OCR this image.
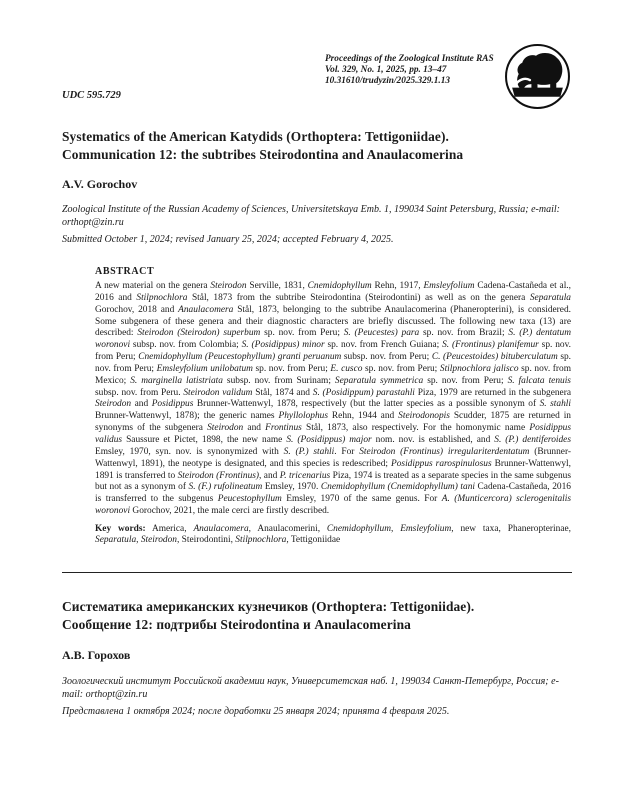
Proceedings of the Zoological Institute RAS
Vol. 329, No. 1, 2025, pp. 13–47
10.31610/trudyzin/2025.329.1.13
UDC 595.729
Systematics of the American Katydids (Orthoptera: Tettigoniidae).
Communication 12: the subtribes Steirodontina and Anaulacomerina
A.V. Gorochov
Zoological Institute of the Russian Academy of Sciences, Universitetskaya Emb. 1, 199034 Saint Petersburg, Russia; e-mail: orthopt@zin.ru
Submitted October 1, 2024; revised January 25, 2024; accepted February 4, 2025.
ABSTRACT
A new material on the genera Steirodon Serville, 1831, Cnemidophyllum Rehn, 1917, Emsleyfolium Cadena-Castañeda et al., 2016 and Stilpnochlora Stål, 1873 from the subtribe Steirodontina (Steirodontini) as well as on the genera Separatula Gorochov, 2018 and Anaulacomera Stål, 1873, belonging to the subtribe Anaulacomerina (Phaneropterini), is considered. Some subgenera of these genera and their diagnostic characters are briefly discussed. The following new taxa (13) are described: Steirodon (Steirodon) superbum sp. nov. from Peru; S. (Peucestes) para sp. nov. from Brazil; S. (P.) dentatum woronovi subsp. nov. from Colombia; S. (Posidippus) minor sp. nov. from French Guiana; S. (Frontinus) planifemur sp. nov. from Peru; Cnemidophyllum (Peucestophyllum) granti peruanum subsp. nov. from Peru; C. (Peucestoides) bituberculatum sp. nov. from Peru; Emsleyfolium unilobatum sp. nov. from Peru; E. cusco sp. nov. from Peru; Stilpnochlora jalisco sp. nov. from Mexico; S. marginella latistriata subsp. nov. from Surinam; Separatula symmetrica sp. nov. from Peru; S. falcata tenuis subsp. nov. from Peru. Steirodon validum Stål, 1874 and S. (Posidippum) parastahli Piza, 1979 are returned in the subgenera Steirodon and Posidippus Brunner-Wattenwyl, 1878, respectively (but the latter species as a possible synonym of S. stahli Brunner-Wattenwyl, 1878); the generic names Phyllolophus Rehn, 1944 and Steirodonopis Scudder, 1875 are returned in synonyms of the subgenera Steirodon and Frontinus Stål, 1873, also respectively. For the homonymic name Posidippus validus Saussure et Pictet, 1898, the new name S. (Posidippus) major nom. nov. is established, and S. (P.) dentiferoides Emsley, 1970, syn. nov. is synonymized with S. (P.) stahli. For Steirodon (Frontinus) irregulariterdentatum (Brunner-Wattenwyl, 1891), the neotype is designated, and this species is redescribed; Posidippus rarospinulosus Brunner-Wattenwyl, 1891 is transferred to Steirodon (Frontinus), and P. tricenarius Piza, 1974 is treated as a separate species in the same subgenus but not as a synonym of S. (F.) rufolineatum Emsley, 1970. Cnemidophyllum (Cnemidophyllum) tani Cadena-Castañeda, 2016 is transferred to the subgenus Peucestophyllum Emsley, 1970 of the same genus. For A. (Munticercora) sclerogenitalis woronovi Gorochov, 2021, the male cerci are firstly described.
Key words: America, Anaulacomera, Anaulacomerini, Cnemidophyllum, Emsleyfolium, new taxa, Phaneropterinae, Separatula, Steirodon, Steirodontini, Stilpnochlora, Tettigoniidae
Систематика американских кузнечиков (Orthoptera: Tettigoniidae).
Сообщение 12: подтрибы Steirodontina и Anaulacomerina
А.В. Горохов
Зоологический институт Российской академии наук, Университетская наб. 1, 199034 Санкт-Петербург, Россия; e-mail: orthopt@zin.ru
Представлена 1 октября 2024; после доработки 25 января 2024; принята 4 февраля 2025.
